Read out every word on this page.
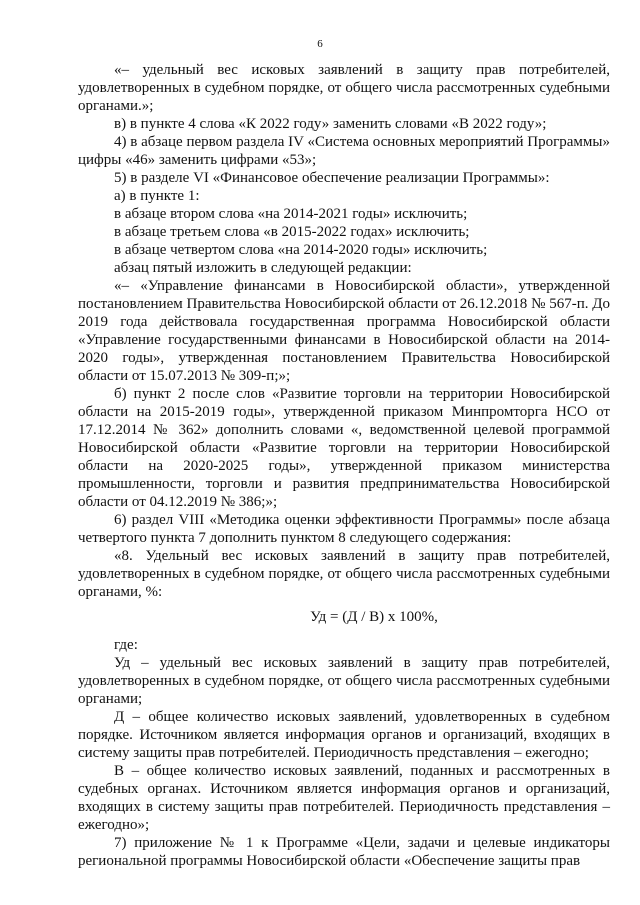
6

«– удельный вес исковых заявлений в защиту прав потребителей, удовлетворенных в судебном порядке, от общего числа рассмотренных судебными органами.»;

в) в пункте 4 слова «К 2022 году» заменить словами «В 2022 году»;

4) в абзаце первом раздела IV «Система основных мероприятий Программы» цифры «46» заменить цифрами «53»;

5) в разделе VI «Финансовое обеспечение реализации Программы»:

а) в пункте 1:

в абзаце втором слова «на 2014-2021 годы» исключить;

в абзаце третьем слова «в 2015-2022 годах» исключить;

в абзаце четвертом слова «на 2014-2020 годы» исключить;

абзац пятый изложить в следующей редакции:

«– «Управление финансами в Новосибирской области», утвержденной постановлением Правительства Новосибирской области от 26.12.2018 № 567-п. До 2019 года действовала государственная программа Новосибирской области «Управление государственными финансами в Новосибирской области на 2014-2020 годы», утвержденная постановлением Правительства Новосибирской области от 15.07.2013 № 309-п;»;

б) пункт 2 после слов «Развитие торговли на территории Новосибирской области на 2015-2019 годы», утвержденной приказом Минпромторга НСО от 17.12.2014 № 362» дополнить словами «, ведомственной целевой программой Новосибирской области «Развитие торговли на территории Новосибирской области на 2020-2025 годы», утвержденной приказом министерства промышленности, торговли и развития предпринимательства Новосибирской области от 04.12.2019 № 386;»;

6) раздел VIII «Методика оценки эффективности Программы» после абзаца четвертого пункта 7 дополнить пунктом 8 следующего содержания:

«8. Удельный вес исковых заявлений в защиту прав потребителей, удовлетворенных в судебном порядке, от общего числа рассмотренных судебными органами, %:

Уд = (Д / В) х 100%,

где:

Уд – удельный вес исковых заявлений в защиту прав потребителей, удовлетворенных в судебном порядке, от общего числа рассмотренных судебными органами;

Д – общее количество исковых заявлений, удовлетворенных в судебном порядке. Источником является информация органов и организаций, входящих в систему защиты прав потребителей. Периодичность представления – ежегодно;

В – общее количество исковых заявлений, поданных и рассмотренных в судебных органах. Источником является информация органов и организаций, входящих в систему защиты прав потребителей. Периодичность представления – ежегодно»;

7) приложение № 1 к Программе «Цели, задачи и целевые индикаторы региональной программы Новосибирской области «Обеспечение защиты прав
